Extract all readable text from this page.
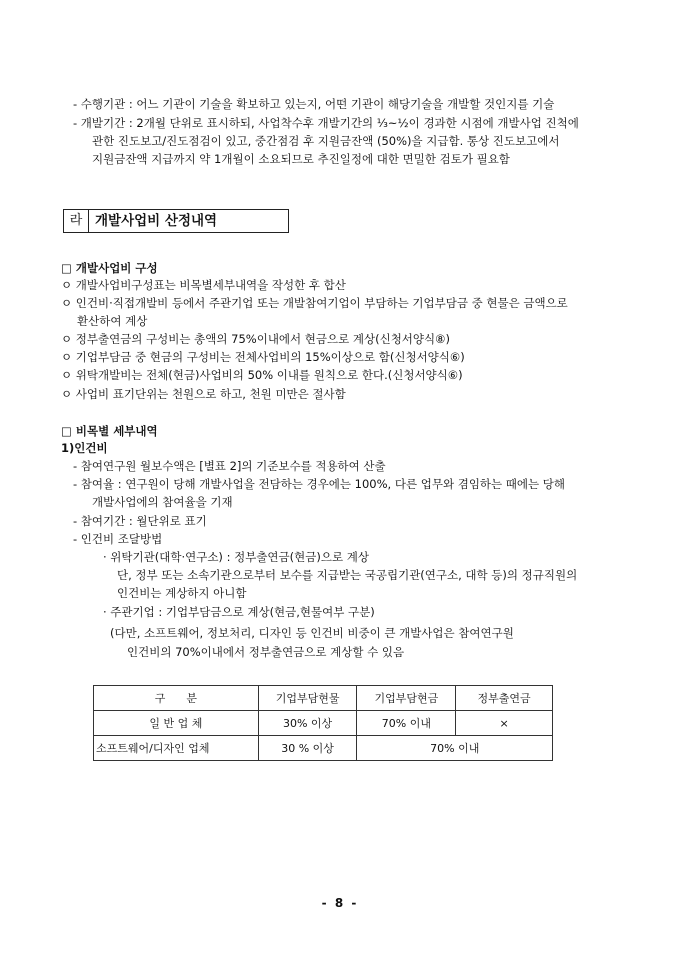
- 수행기관 : 어느 기관이 기술을 확보하고 있는지, 어떤 기관이 해당기술을 개발할 것인지를 기술
- 개발기간 : 2개월 단위로 표시하되, 사업착수후 개발기간의 ⅓~½이 경과한 시점에 개발사업 진척에
관한 진도보고/진도점검이 있고, 중간점검 후 지원금잔액 (50%)을 지급함. 통상 진도보고에서
지원금잔액 지급까지 약 1개월이 소요되므로 추진일정에 대한 면밀한 검토가 필요함
라 개발사업비 산정내역
□ 개발사업비 구성
ㅇ 개발사업비구성표는 비목별세부내역을 작성한 후 합산
ㅇ 인건비·직접개발비 등에서 주관기업 또는 개발참여기업이 부담하는 기업부담금 중 현물은 금액으로
환산하여 계상
ㅇ 정부출연금의 구성비는 총액의 75%이내에서 현금으로 계상(신청서양식⑧)
ㅇ 기업부담금 중 현금의 구성비는 전체사업비의 15%이상으로 함(신청서양식⑥)
ㅇ 위탁개발비는 전체(현금)사업비의 50% 이내를 원칙으로 한다.(신청서양식⑥)
ㅇ 사업비 표기단위는 천원으로 하고, 천원 미만은 절사함
□ 비목별 세부내역
1)인건비
- 참여연구원 월보수액은 [별표 2]의 기준보수를 적용하여 산출
- 참여율 : 연구원이 당해 개발사업을 전담하는 경우에는 100%, 다른 업무와 겸임하는 때에는 당해
개발사업에의 참여율을 기재
- 참여기간 : 월단위로 표기
- 인건비 조달방법
· 위탁기관(대학·연구소) : 정부출연금(현금)으로 계상
단, 정부 또는 소속기관으로부터 보수를 지급받는 국공립기관(연구소, 대학 등)의 정규직원의
인건비는 계상하지 아니함
· 주관기업 : 기업부담금으로 계상(현금,현물여부 구분)
(다만, 소프트웨어, 정보처리, 디자인 등 인건비 비중이 큰 개발사업은 참여연구원
인건비의 70%이내에서 정부출연금으로 계상할 수 있음
구      분	기업부담현물	기업부담현금	정부출연금
일 반 업 체	30% 이상	70% 이내	×
소프트웨어/디자인 업체	30 % 이상	70% 이내	
- 8 -
